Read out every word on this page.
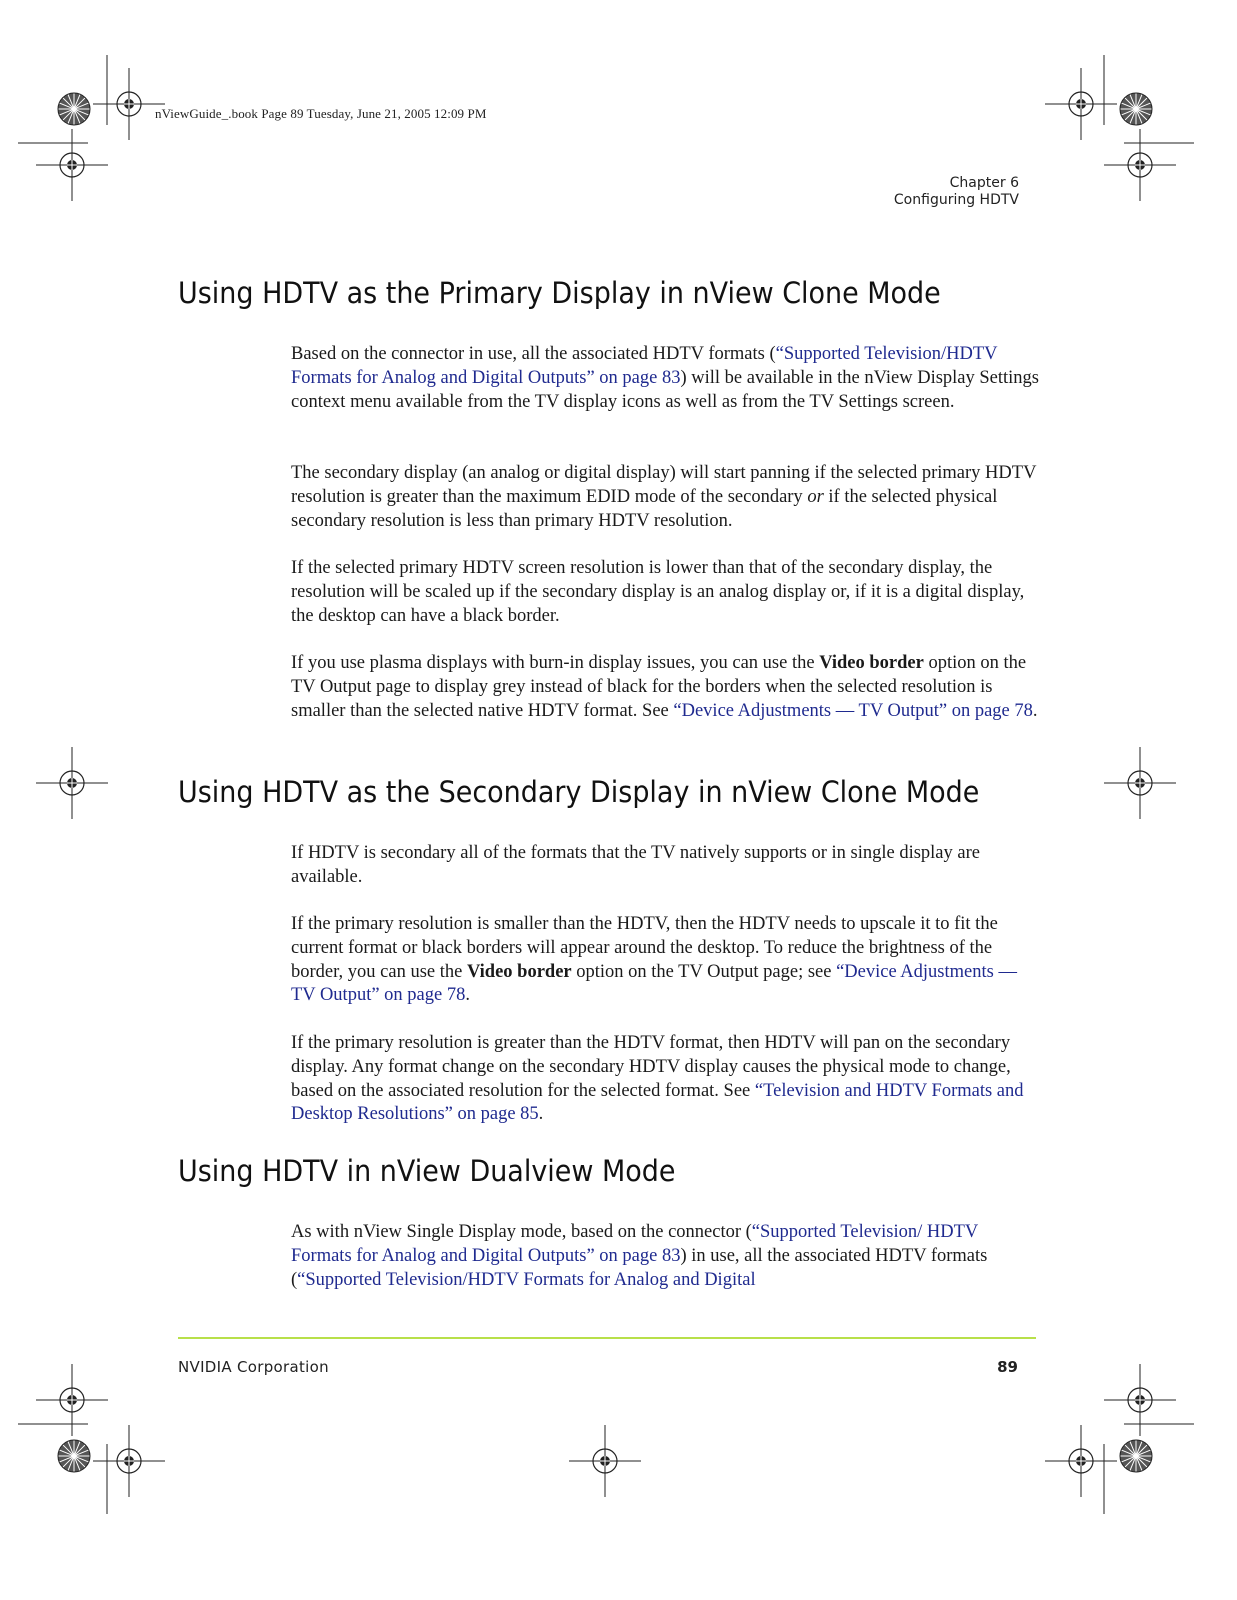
nViewGuide_.book Page 89 Tuesday, June 21, 2005 12:09 PM
Chapter 6
Configuring HDTV
Using HDTV as the Primary Display in nView Clone Mode

Based on the connector in use, all the associated HDTV formats (“Supported Television/HDTV Formats for Analog and Digital Outputs” on page 83) will be available in the nView Display Settings context menu available from the TV display icons as well as from the TV Settings screen.

The secondary display (an analog or digital display) will start panning if the selected primary HDTV resolution is greater than the maximum EDID mode of the secondary or if the selected physical secondary resolution is less than primary HDTV resolution.

If the selected primary HDTV screen resolution is lower than that of the secondary display, the resolution will be scaled up if the secondary display is an analog display or, if it is a digital display, the desktop can have a black border.

If you use plasma displays with burn-in display issues, you can use the Video border option on the TV Output page to display grey instead of black for the borders when the selected resolution is smaller than the selected native HDTV format. See “Device Adjustments — TV Output” on page 78.

Using HDTV as the Secondary Display in nView Clone Mode

If HDTV is secondary all of the formats that the TV natively supports or in single display are available.

If the primary resolution is smaller than the HDTV, then the HDTV needs to upscale it to fit the current format or black borders will appear around the desktop. To reduce the brightness of the border, you can use the Video border option on the TV Output page; see “Device Adjustments — TV Output” on page 78.

If the primary resolution is greater than the HDTV format, then HDTV will pan on the secondary display. Any format change on the secondary HDTV display causes the physical mode to change, based on the associated resolution for the selected format. See “Television and HDTV Formats and Desktop Resolutions” on page 85.

Using HDTV in nView Dualview Mode

As with nView Single Display mode, based on the connector (“Supported Television/ HDTV Formats for Analog and Digital Outputs” on page 83) in use, all the associated HDTV formats (“Supported Television/HDTV Formats for Analog and Digital

NVIDIA Corporation	89
